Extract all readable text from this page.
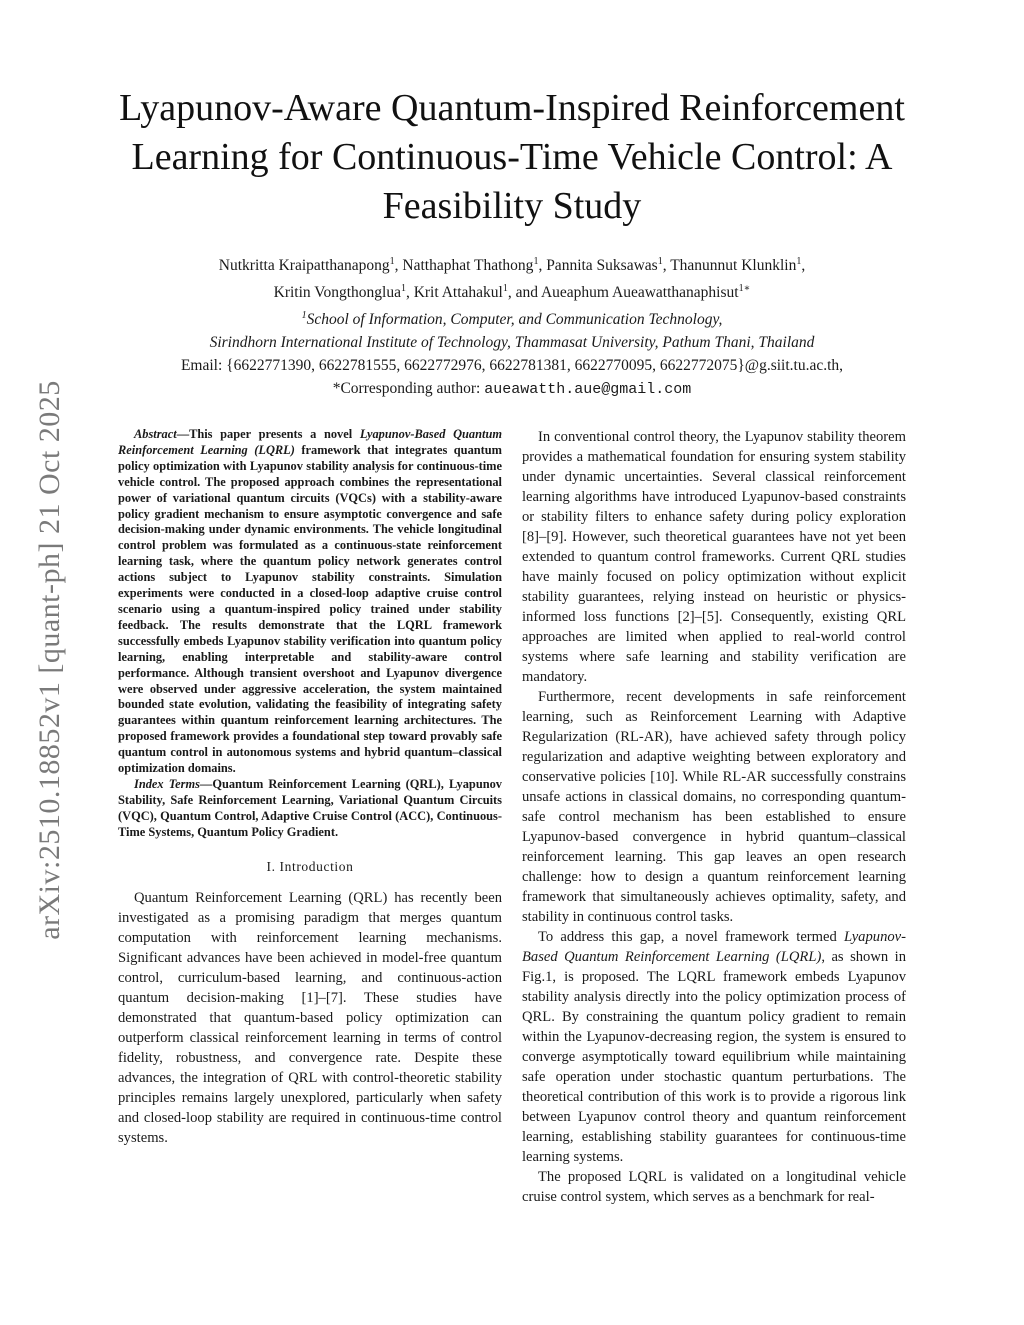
arXiv:2510.18852v1 [quant-ph] 21 Oct 2025
Lyapunov-Aware Quantum-Inspired Reinforcement Learning for Continuous-Time Vehicle Control: A Feasibility Study
Nutkritta Kraipatthanapong$^1$, Natthaphat Thathong$^1$, Pannita Suksawas$^1$, Thanunnut Klunklin$^1$,
Kritin Vongthonglua$^1$, Krit Attahakul$^1$, and Aueaphum Aueawatthanaphisut$^{1∗}$
$^1$School of Information, Computer, and Communication Technology,
Sirindhorn International Institute of Technology, Thammasat University, Pathum Thani, Thailand
Email: {6622771390, 6622781555, 6622772976, 6622781381, 6622770095, 6622772075}@g.siit.tu.ac.th,
*Corresponding author: aueawatth.aue@gmail.com

Abstract—This paper presents a novel Lyapunov-Based Quantum Reinforcement Learning (LQRL) framework that integrates quantum policy optimization with Lyapunov stability analysis for continuous-time vehicle control. The proposed approach combines the representational power of variational quantum circuits (VQCs) with a stability-aware policy gradient mechanism to ensure asymptotic convergence and safe decision-making under dynamic environments. The vehicle longitudinal control problem was formulated as a continuous-state reinforcement learning task, where the quantum policy network generates control actions subject to Lyapunov stability constraints. Simulation experiments were conducted in a closed-loop adaptive cruise control scenario using a quantum-inspired policy trained under stability feedback. The results demonstrate that the LQRL framework successfully embeds Lyapunov stability verification into quantum policy learning, enabling interpretable and stability-aware control performance. Although transient overshoot and Lyapunov divergence were observed under aggressive acceleration, the system maintained bounded state evolution, validating the feasibility of integrating safety guarantees within quantum reinforcement learning architectures. The proposed framework provides a foundational step toward provably safe quantum control in autonomous systems and hybrid quantum–classical optimization domains.

Index Terms—Quantum Reinforcement Learning (QRL), Lyapunov Stability, Safe Reinforcement Learning, Variational Quantum Circuits (VQC), Quantum Control, Adaptive Cruise Control (ACC), Continuous-Time Systems, Quantum Policy Gradient.

I. Introduction

Quantum Reinforcement Learning (QRL) has recently been investigated as a promising paradigm that merges quantum computation with reinforcement learning mechanisms. Significant advances have been achieved in model-free quantum control, curriculum-based learning, and continuous-action quantum decision-making [1]–[7]. These studies have demonstrated that quantum-based policy optimization can outperform classical reinforcement learning in terms of control fidelity, robustness, and convergence rate. Despite these advances, the integration of QRL with control-theoretic stability principles remains largely unexplored, particularly when safety and closed-loop stability are required in continuous-time control systems.

In conventional control theory, the Lyapunov stability theorem provides a mathematical foundation for ensuring system stability under dynamic uncertainties. Several classical reinforcement learning algorithms have introduced Lyapunov-based constraints or stability filters to enhance safety during policy exploration [8]–[9]. However, such theoretical guarantees have not yet been extended to quantum control frameworks. Current QRL studies have mainly focused on policy optimization without explicit stability guarantees, relying instead on heuristic or physics-informed loss functions [2]–[5]. Consequently, existing QRL approaches are limited when applied to real-world control systems where safe learning and stability verification are mandatory.

Furthermore, recent developments in safe reinforcement learning, such as Reinforcement Learning with Adaptive Regularization (RL-AR), have achieved safety through policy regularization and adaptive weighting between exploratory and conservative policies [10]. While RL-AR successfully constrains unsafe actions in classical domains, no corresponding quantum-safe control mechanism has been established to ensure Lyapunov-based convergence in hybrid quantum–classical reinforcement learning. This gap leaves an open research challenge: how to design a quantum reinforcement learning framework that simultaneously achieves optimality, safety, and stability in continuous control tasks.

To address this gap, a novel framework termed Lyapunov-Based Quantum Reinforcement Learning (LQRL), as shown in Fig.1, is proposed. The LQRL framework embeds Lyapunov stability analysis directly into the policy optimization process of QRL. By constraining the quantum policy gradient to remain within the Lyapunov-decreasing region, the system is ensured to converge asymptotically toward equilibrium while maintaining safe operation under stochastic quantum perturbations. The theoretical contribution of this work is to provide a rigorous link between Lyapunov control theory and quantum reinforcement learning, establishing stability guarantees for continuous-time learning systems.

The proposed LQRL is validated on a longitudinal vehicle cruise control system, which serves as a benchmark for real-
